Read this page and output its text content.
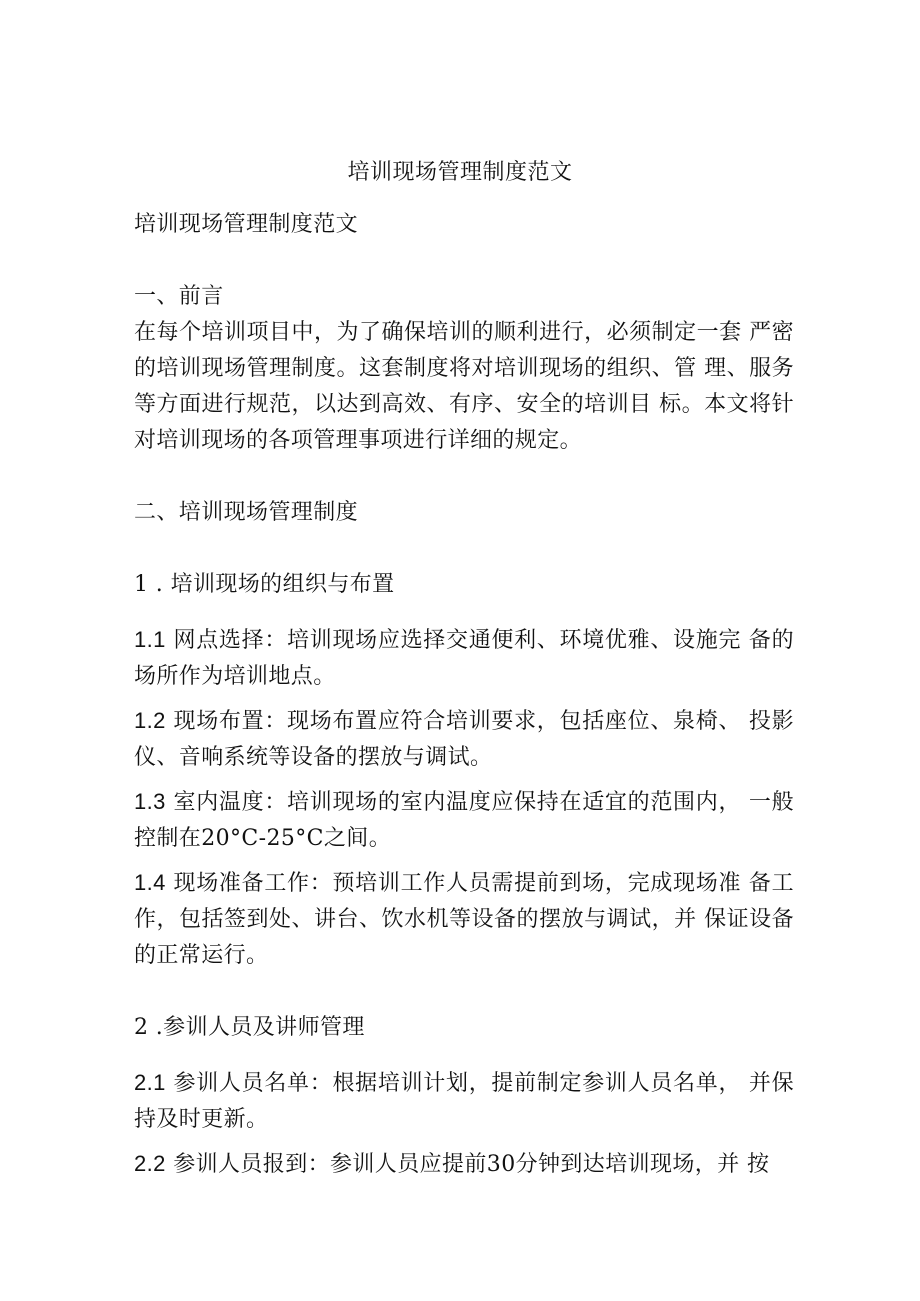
培训现场管理制度范文

培训现场管理制度范文

一、前言

在每个培训项目中，为了确保培训的顺利进行，必须制定一套 严密的培训现场管理制度。这套制度将对培训现场的组织、管 理、服务等方面进行规范，以达到高效、有序、安全的培训目 标。本文将针对培训现场的各项管理事项进行详细的规定。

二、培训现场管理制度

1 . 培训现场的组织与布置

1.1 网点选择：培训现场应选择交通便利、环境优雅、设施完 备的场所作为培训地点。

1.2 现场布置：现场布置应符合培训要求，包括座位、泉椅、 投影仪、音响系统等设备的摆放与调试。

1.3 室内温度：培训现场的室内温度应保持在适宜的范围内， 一般控制在20°C-25°C之间。

1.4 现场准备工作：预培训工作人员需提前到场，完成现场准 备工作，包括签到处、讲台、饮水机等设备的摆放与调试，并 保证设备的正常运行。

2 .参训人员及讲师管理

2.1 参训人员名单：根据培训计划，提前制定参训人员名单， 并保持及时更新。

2.2 参训人员报到：参训人员应提前30分钟到达培训现场，并 按
